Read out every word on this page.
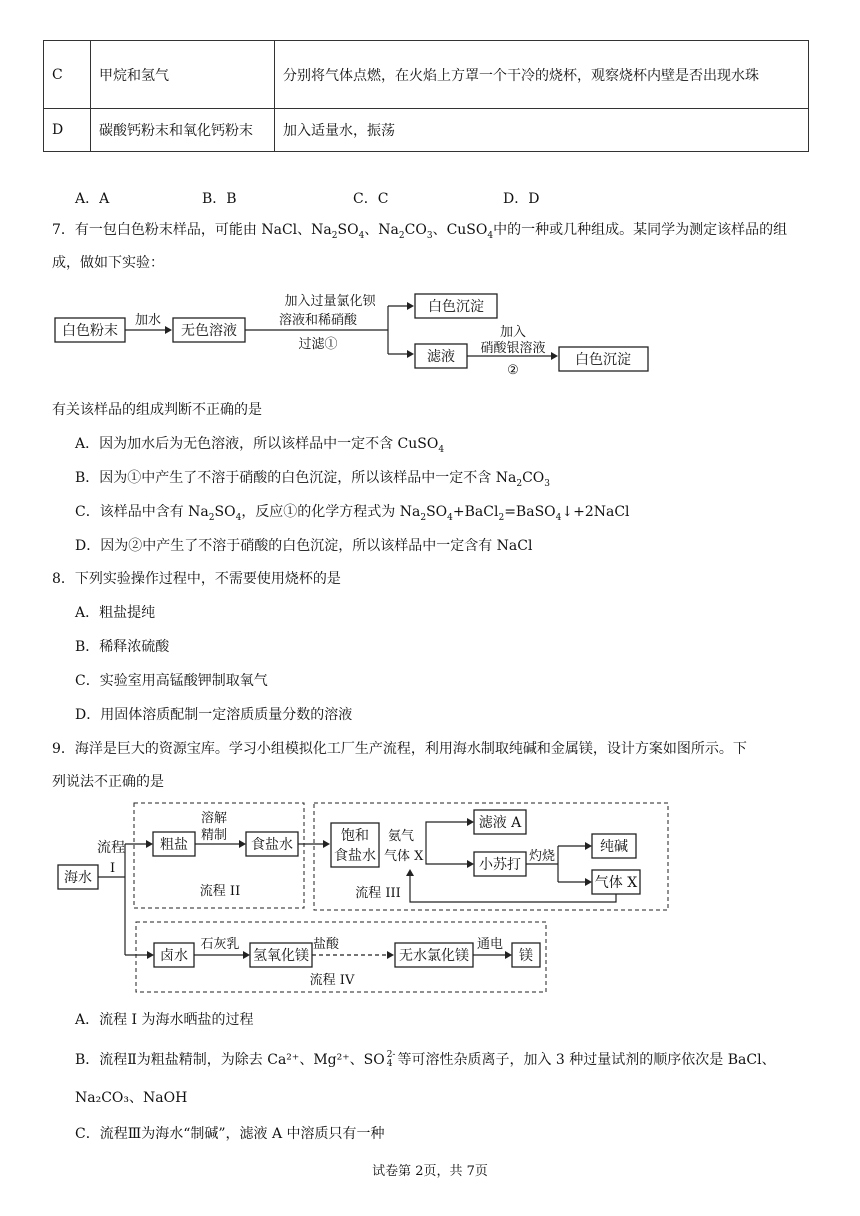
C	甲烷和氢气	分别将气体点燃，在火焰上方罩一个干冷的烧杯，观察烧杯内壁是否出现水珠
D	碳酸钙粉末和氧化钙粉末	加入适量水，振荡
A．A	B．B	C．C	D．D
7．有一包白色粉末样品，可能由 NaCl、$Na_2SO_4$、$Na_2CO_3$、CuSO$_4$中的一种或几种组成。某同学为测定该样品的组
成，做如下实验：
白色粉末
加水
无色溶液
加入过量氯化钡
溶液和稀硝酸
过滤①
白色沉淀
滤液
加入
硝酸银溶液
②
白色沉淀
有关该样品的组成判断不正确的是
A．因为加水后为无色溶液，所以该样品中一定不含 CuSO$_4$
B．因为①中产生了不溶于硝酸的白色沉淀，所以该样品中一定不含 $Na_2CO_3$
C．该样品中含有 $Na_2SO_4$，反应①的化学方程式为 $Na_2SO_4+BaCl_2=BaSO_4↓+2NaCl$
D．因为②中产生了不溶于硝酸的白色沉淀，所以该样品中一定含有 NaCl
8．下列实验操作过程中，不需要使用烧杯的是
A．粗盐提纯
B．稀释浓硫酸
C．实验室用高锰酸钾制取氧气
D．用固体溶质配制一定溶质质量分数的溶液
9．海洋是巨大的资源宝库。学习小组模拟化工厂生产流程，利用海水制取纯碱和金属镁，设计方案如图所示。下
列说法不正确的是
海水
流程
I
粗盐
溶解
精制
食盐水
流程 II
饱和
食盐水
氨气
气体 X
滤液 A
小苏打
灼烧
纯碱
气体 X
流程 III
卤水
石灰乳
氢氧化镁
盐酸
无水氯化镁
通电
镁
流程 IV
A．流程 I 为海水晒盐的过程
B．流程Ⅱ为粗盐精制，为除去 Ca²⁺、Mg²⁺、SO 2-
4 等可溶性杂质离子，加入 3 种过量试剂的顺序依次是 BaCl、
Na₂CO₃、NaOH
C．流程Ⅲ为海水“制碱”，滤液 A 中溶质只有一种
试卷第 2页，共 7页
